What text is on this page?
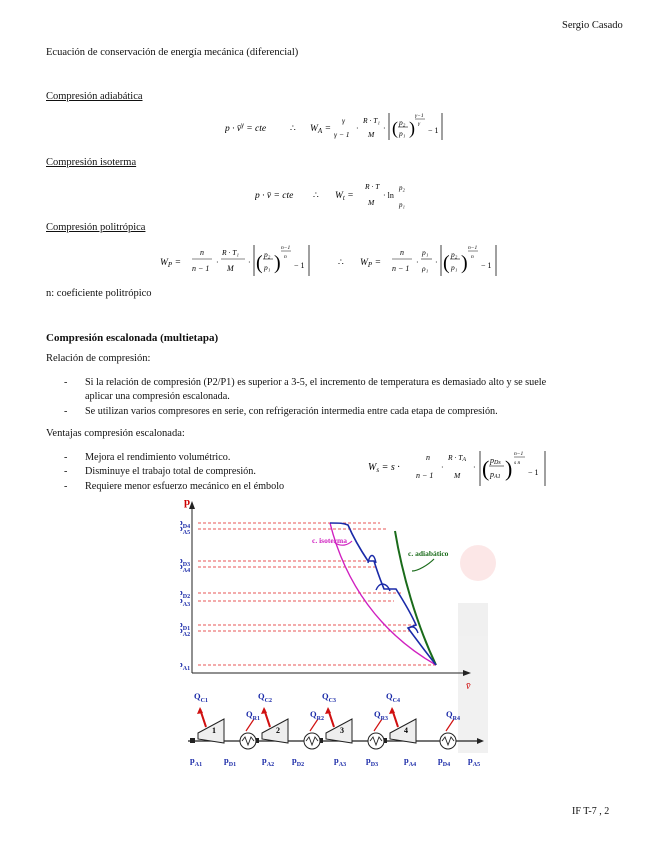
Sergio Casado
Ecuación de conservación de energía mecánica (diferencial)
Compresión adiabática
p · v̄$^\gamma$ = cte	∴ $W_A$ =
γ
γ − 1
·
R · T₁
M
· ( p₂
p₁ )
γ−1
γ
− 1
Compresión isoterma
p · v̄ = cte ∴ $W_t$ =
R · T
M
· ln
p₂
p₁
Compresión politrópica
$W_P$ =
n
n − 1
·
R · T₁
M
· ( p₂
p₁ )
n−1
n
− 1	∴ $W_P$ =
n
n − 1
·
p₁
ρ₁
· ( p₂
p₁ )
n−1
n
− 1
n: coeficiente politrópico
Compresión escalonada (multietapa)
Relación de compresión:
- Si la relación de compresión (P2/P1) es superior a 3-5, el incremento de temperatura es demasiado alto y se suele
aplicar una compresión escalonada.
- Se utilizan varios compresores en serie, con refrigeración intermedia entre cada etapa de compresión.
Ventajas compresión escalonada:
- Mejora el rendimiento volumétrico.
- Disminuye el trabajo total de compresión.
- Requiere menor esfuerzo mecánico en el émbolo
$W_s = s$ ·
n
n − 1
·
R · TA
M
· ( pDs
pA1 )
n−1
s n
− 1
p
v̄
$p_{D4}$
$p_{A5}$
$p_{D3}$
$p_{A4}$
$p_{D2}$
$p_{A3}$
$p_{D1}$
$p_{A2}$
$p_{A1}$
c. isoterma
c. adiabático
1
$Q_{C1}$
2
$Q_{C2}$
3
$Q_{C3}$
4
$Q_{C4}$
$Q_{R1}$	$Q_{R2}$	$Q_{R3}$	$Q_{R4}$
$p_{A1}$	$p_{D1}$	$p_{A2}$ $p_{D2}$	$p_{A3}$ $p_{D3}$	$p_{A4}$	$p_{D4}$ $p_{A5}$
IF T-7 , 2
